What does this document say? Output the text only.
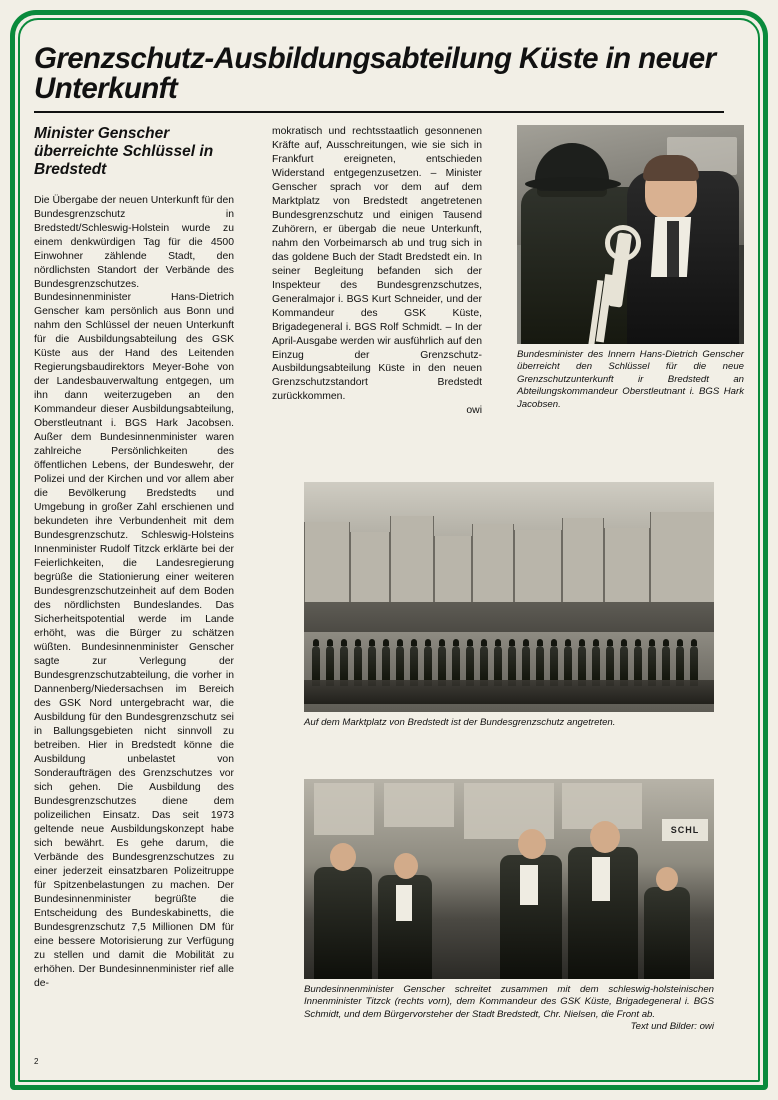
Grenzschutz-Ausbildungsabteilung Küste in neuer Unterkunft
Minister Genscher überreichte Schlüssel in Bredstedt

Die Übergabe der neuen Unterkunft für den Bundesgrenzschutz in Bredstedt/Schleswig-Holstein wurde zu einem denkwürdigen Tag für die 4500 Einwohner zählende Stadt, den nördlichsten Standort der Verbände des Bundesgrenzschutzes. Bundesinnenminister Hans-Dietrich Genscher kam persönlich aus Bonn und nahm den Schlüssel der neuen Unterkunft für die Ausbildungsabteilung des GSK Küste aus der Hand des Leitenden Regierungsbaudirektors Meyer-Bohe von der Landesbauverwaltung entgegen, um ihn dann weiterzugeben an den Kommandeur dieser Ausbildungsabteilung, Oberstleutnant i. BGS Hark Jacobsen. Außer dem Bundesinnenminister waren zahlreiche Persönlichkeiten des öffentlichen Lebens, der Bundeswehr, der Polizei und der Kirchen und vor allem aber die Bevölkerung Bredstedts und Umgebung in großer Zahl erschienen und bekundeten ihre Verbundenheit mit dem Bundesgrenzschutz. Schleswig-Holsteins Innenminister Rudolf Titzck erklärte bei der Feierlichkeiten, die Landesregierung begrüße die Stationierung einer weiteren Bundesgrenzschutzeinheit auf dem Boden des nördlichsten Bundeslandes. Das Sicherheitspotential werde im Lande erhöht, was die Bürger zu schätzen wüßten. Bundesinnenminister Genscher sagte zur Verlegung der Bundesgrenzschutzabteilung, die vorher in Dannenberg/Niedersachsen im Bereich des GSK Nord untergebracht war, die Ausbildung für den Bundesgrenzschutz sei in Ballungsgebieten nicht sinnvoll zu betreiben. Hier in Bredstedt könne die Ausbildung unbelastet von Sonderaufträgen des Grenzschutzes vor sich gehen. Die Ausbildung des Bundesgrenzschutzes diene dem polizeilichen Einsatz. Das seit 1973 geltende neue Ausbildungskonzept habe sich bewährt. Es gehe darum, die Verbände des Bundesgrenzschutzes zu einer jederzeit einsatzbaren Polizeitruppe für Spitzenbelastungen zu machen. Der Bundesinnenminister begrüßte die Entscheidung des Bundeskabinetts, die Bundesgrenzschutz 7,5 Millionen DM für eine bessere Motorisierung zur Verfügung zu stellen und damit die Mobilität zu erhöhen. Der Bundesinnenminister rief alle de-

mokratisch und rechtsstaatlich gesonnenen Kräfte auf, Ausschreitungen, wie sie sich in Frankfurt ereigneten, entschieden Widerstand entgegenzusetzen. – Minister Genscher sprach vor dem auf dem Marktplatz von Bredstedt angetretenen Bundesgrenzschutz und einigen Tausend Zuhörern, er übergab die neue Unterkunft, nahm den Vorbeimarsch ab und trug sich in das goldene Buch der Stadt Bredstedt ein. In seiner Begleitung befanden sich der Inspekteur des Bundesgrenzschutzes, Generalmajor i. BGS Kurt Schneider, und der Kommandeur des GSK Küste, Brigadegeneral i. BGS Rolf Schmidt. – In der April-Ausgabe werden wir ausführlich auf den Einzug der Grenzschutz-Ausbildungsabteilung Küste in den neuen Grenzschutzstandort Bredstedt zurückkommen.

owi
Bundesminister des Innern Hans-Dietrich Genscher überreicht den Schlüssel für die neue Grenzschutzunterkunft ir Bredstedt an Abteilungskommandeur Oberstleutnant i. BGS Hark Jacobsen.
Auf dem Marktplatz von Bredstedt ist der Bundesgrenzschutz angetreten.
SCHL
Bundesinnenminister Genscher schreitet zusammen mit dem schleswig-holsteinischen Innenminister Titzck (rechts vorn), dem Kommandeur des GSK Küste, Brigadegeneral i. BGS Schmidt, und dem Bürgervorsteher der Stadt Bredstedt, Chr. Nielsen, die Front ab.
Text und Bilder: owi
2
